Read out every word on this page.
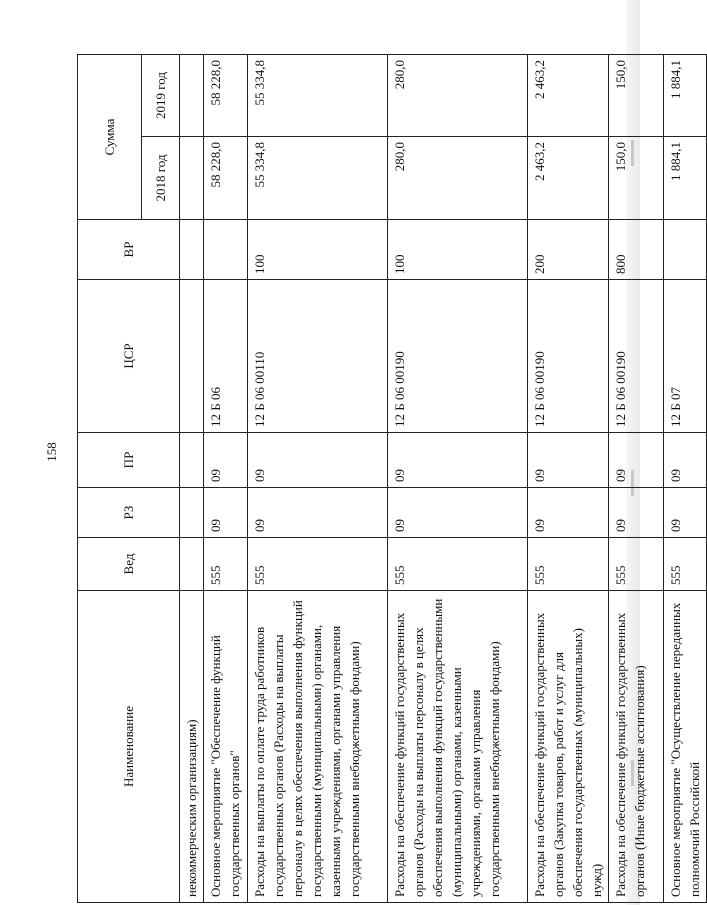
158
Наименование	Вед	РЗ	ПР	ЦСР	ВР	Сумма	
						2018 год	2019 год
некоммерческим организациям)							
Основное мероприятие "Обеспечение функций государственных органов"	555	09	09	12 Б 06		58 228,0	58 228,0
Расходы на выплаты по оплате труда работников государственных органов (Расходы на выплаты персоналу в целях обеспечения выполнения функций государственными (муниципальными) органами, казенными учреждениями, органами управления государственными внебюджетными фондами)	555	09	09	12 Б 06 00110	100	55 334,8	55 334,8
Расходы на обеспечение функций государственных органов (Расходы на выплаты персоналу в целях обеспечения выполнения функций государственными (муниципальными) органами, казенными учреждениями, органами управления государственными внебюджетными фондами)	555	09	09	12 Б 06 00190	100	280,0	280,0
Расходы на обеспечение функций государственных органов (Закупка товаров, работ и услуг для обеспечения государственных (муниципальных) нужд)	555	09	09	12 Б 06 00190	200	2 463,2	2 463,2
Расходы на обеспечение функций государственных органов (Иные бюджетные ассигнования)	555	09	09	12 Б 06 00190	800	150,0	150,0
Основное мероприятие "Осуществление переданных полномочий Российской	555	09	09	12 Б 07		1 884,1	1 884,1
